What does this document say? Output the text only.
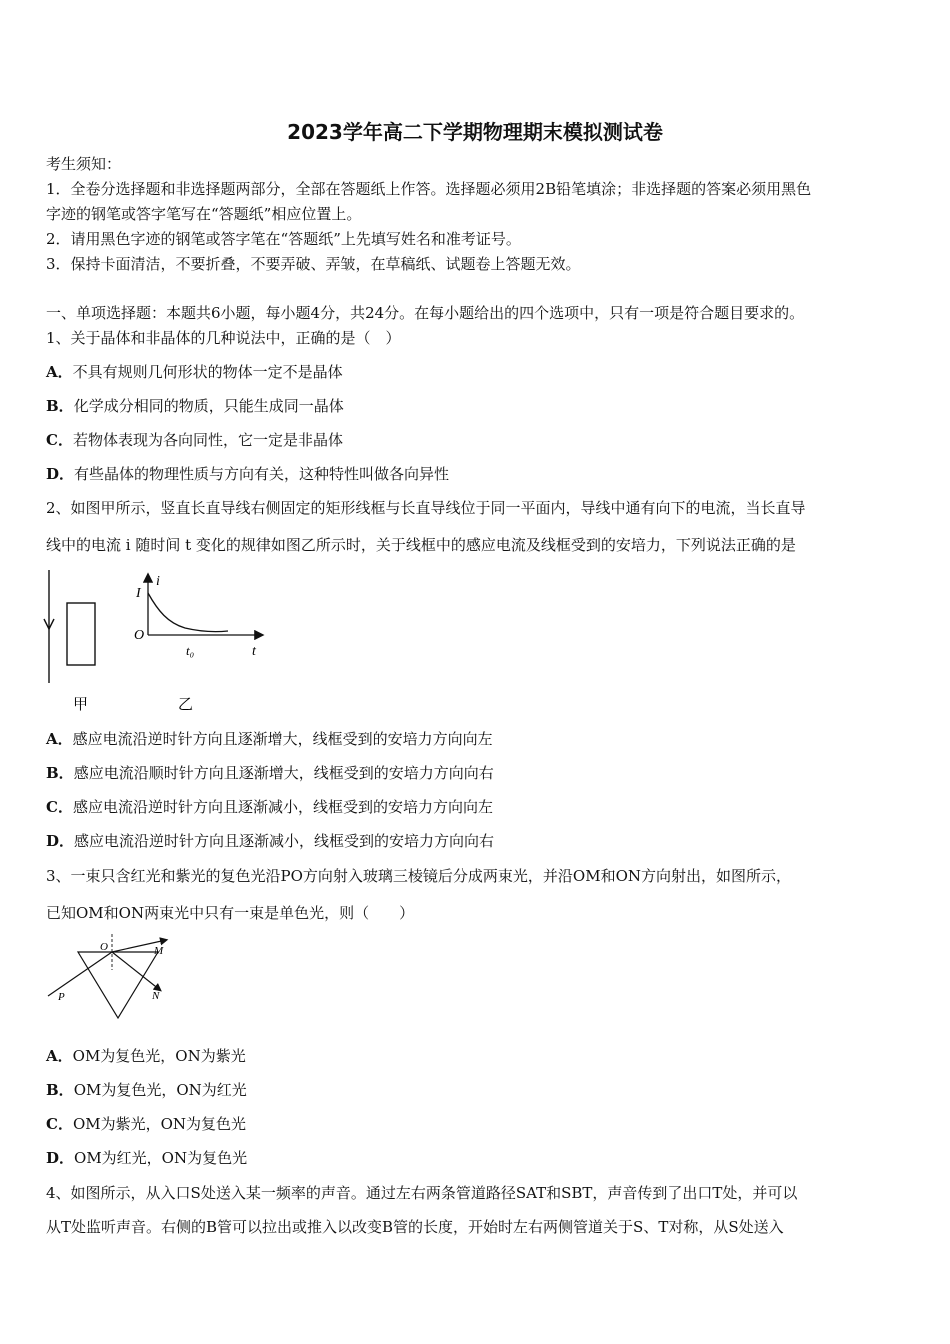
2023学年高二下学期物理期末模拟测试卷
考生须知：
1．全卷分选择题和非选择题两部分，全部在答题纸上作答。选择题必须用2B铅笔填涂；非选择题的答案必须用黑色
字迹的钢笔或答字笔写在“答题纸”相应位置上。
2．请用黑色字迹的钢笔或答字笔在“答题纸”上先填写姓名和准考证号。
3．保持卡面清洁，不要折叠，不要弄破、弄皱，在草稿纸、试题卷上答题无效。
一、单项选择题：本题共6小题，每小题4分，共24分。在每小题给出的四个选项中，只有一项是符合题目要求的。
1、关于晶体和非晶体的几种说法中，正确的是（　）
A．不具有规则几何形状的物体一定不是晶体
B．化学成分相同的物质，只能生成同一晶体
C．若物体表现为各向同性，它一定是非晶体
D．有些晶体的物理性质与方向有关，这种特性叫做各向异性
2、如图甲所示，竖直长直导线右侧固定的矩形线框与长直导线位于同一平面内，导线中通有向下的电流，当长直导
线中的电流 i 随时间 t 变化的规律如图乙所示时，关于线框中的感应电流及线框受到的安培力，下列说法正确的是
甲
i
I
O
t₀	t
乙
A．感应电流沿逆时针方向且逐渐增大，线框受到的安培力方向向左
B．感应电流沿顺时针方向且逐渐增大，线框受到的安培力方向向右
C．感应电流沿逆时针方向且逐渐减小，线框受到的安培力方向向左
D．感应电流沿逆时针方向且逐渐减小，线框受到的安培力方向向右
3、一束只含红光和紫光的复色光沿PO方向射入玻璃三棱镜后分成两束光，并沿OM和ON方向射出，如图所示，
已知OM和ON两束光中只有一束是单色光，则（　　）
O	M
N
P
A．OM为复色光，ON为紫光
B．OM为复色光，ON为红光
C．OM为紫光，ON为复色光
D．OM为红光，ON为复色光
4、如图所示，从入口S处送入某一频率的声音。通过左右两条管道路径SAT和SBT，声音传到了出口T处，并可以
从T处监听声音。右侧的B管可以拉出或推入以改变B管的长度，开始时左右两侧管道关于S、T对称，从S处送入
